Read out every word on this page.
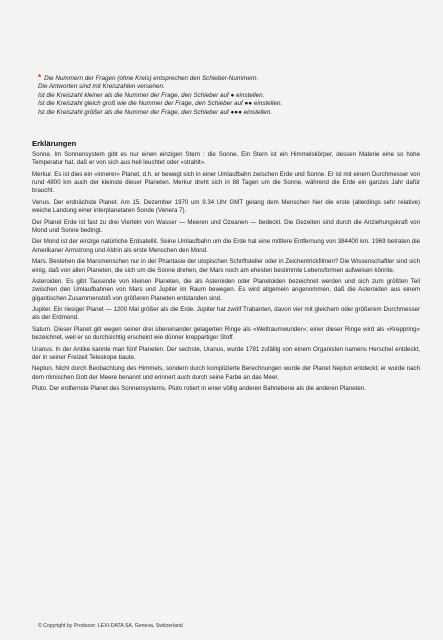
* Die Nummern der Fragen (ohne Kreis) entsprechen den Schieber-Nummern.
Die Antworten sind mit Kreiszahlen versehen.
Ist die Kreiszahl kleiner als die Nummer der Frage, den Schieber auf ● einstellen.
Ist die Kreiszahl gleich groß wie die Nummer der Frage, den Schieber auf ●● einstellen.
Ist die Kreiszahl größer als die Nummer der Frage, den Schieber auf ●●● einstellen.
Erklärungen

Sonne. Im Sonnensystem gibt es nur einen einzigen Stern : die Sonne. Ein Stern ist ein Himmelskörper, dessen Materie eine so hohe Temperatur hat, daß er von sich aus hell leuchtet oder «strahlt».

Merkur. Es ist dies ein «innerer» Planet, d.h. er bewegt sich in einer Umlaufbahn zwischen Erde und Sonne. Er ist mit einem Durchmesser von rund 4800 km auch der kleinste dieser Planeten. Merkur dreht sich in 88 Tagen um die Sonne, während die Erde ein ganzes Jahr dafür braucht.

Venus. Der erdnächste Planet. Am 15. Dezember 1970 um 9.34 Uhr GMT gelang dem Menschen hier die erste (allerdings sehr relative) weiche Landung einer interplanetaren Sonde (Venera 7).

Der Planet Erde ist fast zu drei Vierteln von Wasser — Meeren und Ozeanen — bedeckt. Die Gezeiten sind durch die Anziehungskraft von Mond und Sonne bedingt.

Der Mond ist der einzige natürliche Erdsatellit. Seine Umlaufbahn um die Erde hat eine mittlere Entfernung von 384400 km. 1969 betraten die Amerikaner Armstrong und Aldrin als erste Menschen den Mond.

Mars. Bestehen die Marsmenschen nur in der Phantasie der utopischen Schriftsteller oder in Zeichentrickfilmen? Die Wissenschaftler sind sich einig, daß von allen Planeten, die sich um die Sonne drehen, der Mars noch am ehesten bestimmte Lebensformen aufweisen könnte.

Asteroiden. Es gibt Tausende von kleinen Planeten, die als Asteroiden oder Planetoiden bezeichnet werden und sich zum größten Teil zwischen den Umlaufbahnen von Mars und Jupiter im Raum bewegen. Es wird allgemein angenommen, daß die Asteroiden aus einem gigantischen Zusammenstoß von größeren Planeten entstanden sind.

Jupiter. Ein riesiger Planet — 1200 Mal größer als die Erde. Jupiter hat zwölf Trabanten, davon vier mit gleichem oder größerem Durchmesser als der Erdmond.

Saturn. Dieser Planet gilt wegen seiner drei übereinander gelagerten Ringe als «Weltraumwunder»; einer dieser Ringe wird als «Kreppring» bezeichnet, weil er so durchsichtig erscheint wie dünner kreppartiger Stoff.

Uranus. In der Antike kannte man fünf Planeten. Der sechste, Uranus, wurde 1781 zufällig von einem Organisten namens Herschel entdeckt, der in seiner Freizeit Teleskope baute.

Neptun. Nicht durch Beobachtung des Himmels, sondern durch komplizierte Berechnungen wurde der Planet Neptun entdeckt; er wurde nach dem römischen Gott der Meere benannt und erinnert auch durch seine Farbe an das Meer.

Pluto. Der erdfernste Planet des Sonnensystems. Pluto rotiert in einer völlig anderen Bahnebene als die anderen Planeten.

© Copyright by Producer: LEXI-DATA SA, Geneva, Switzerland
